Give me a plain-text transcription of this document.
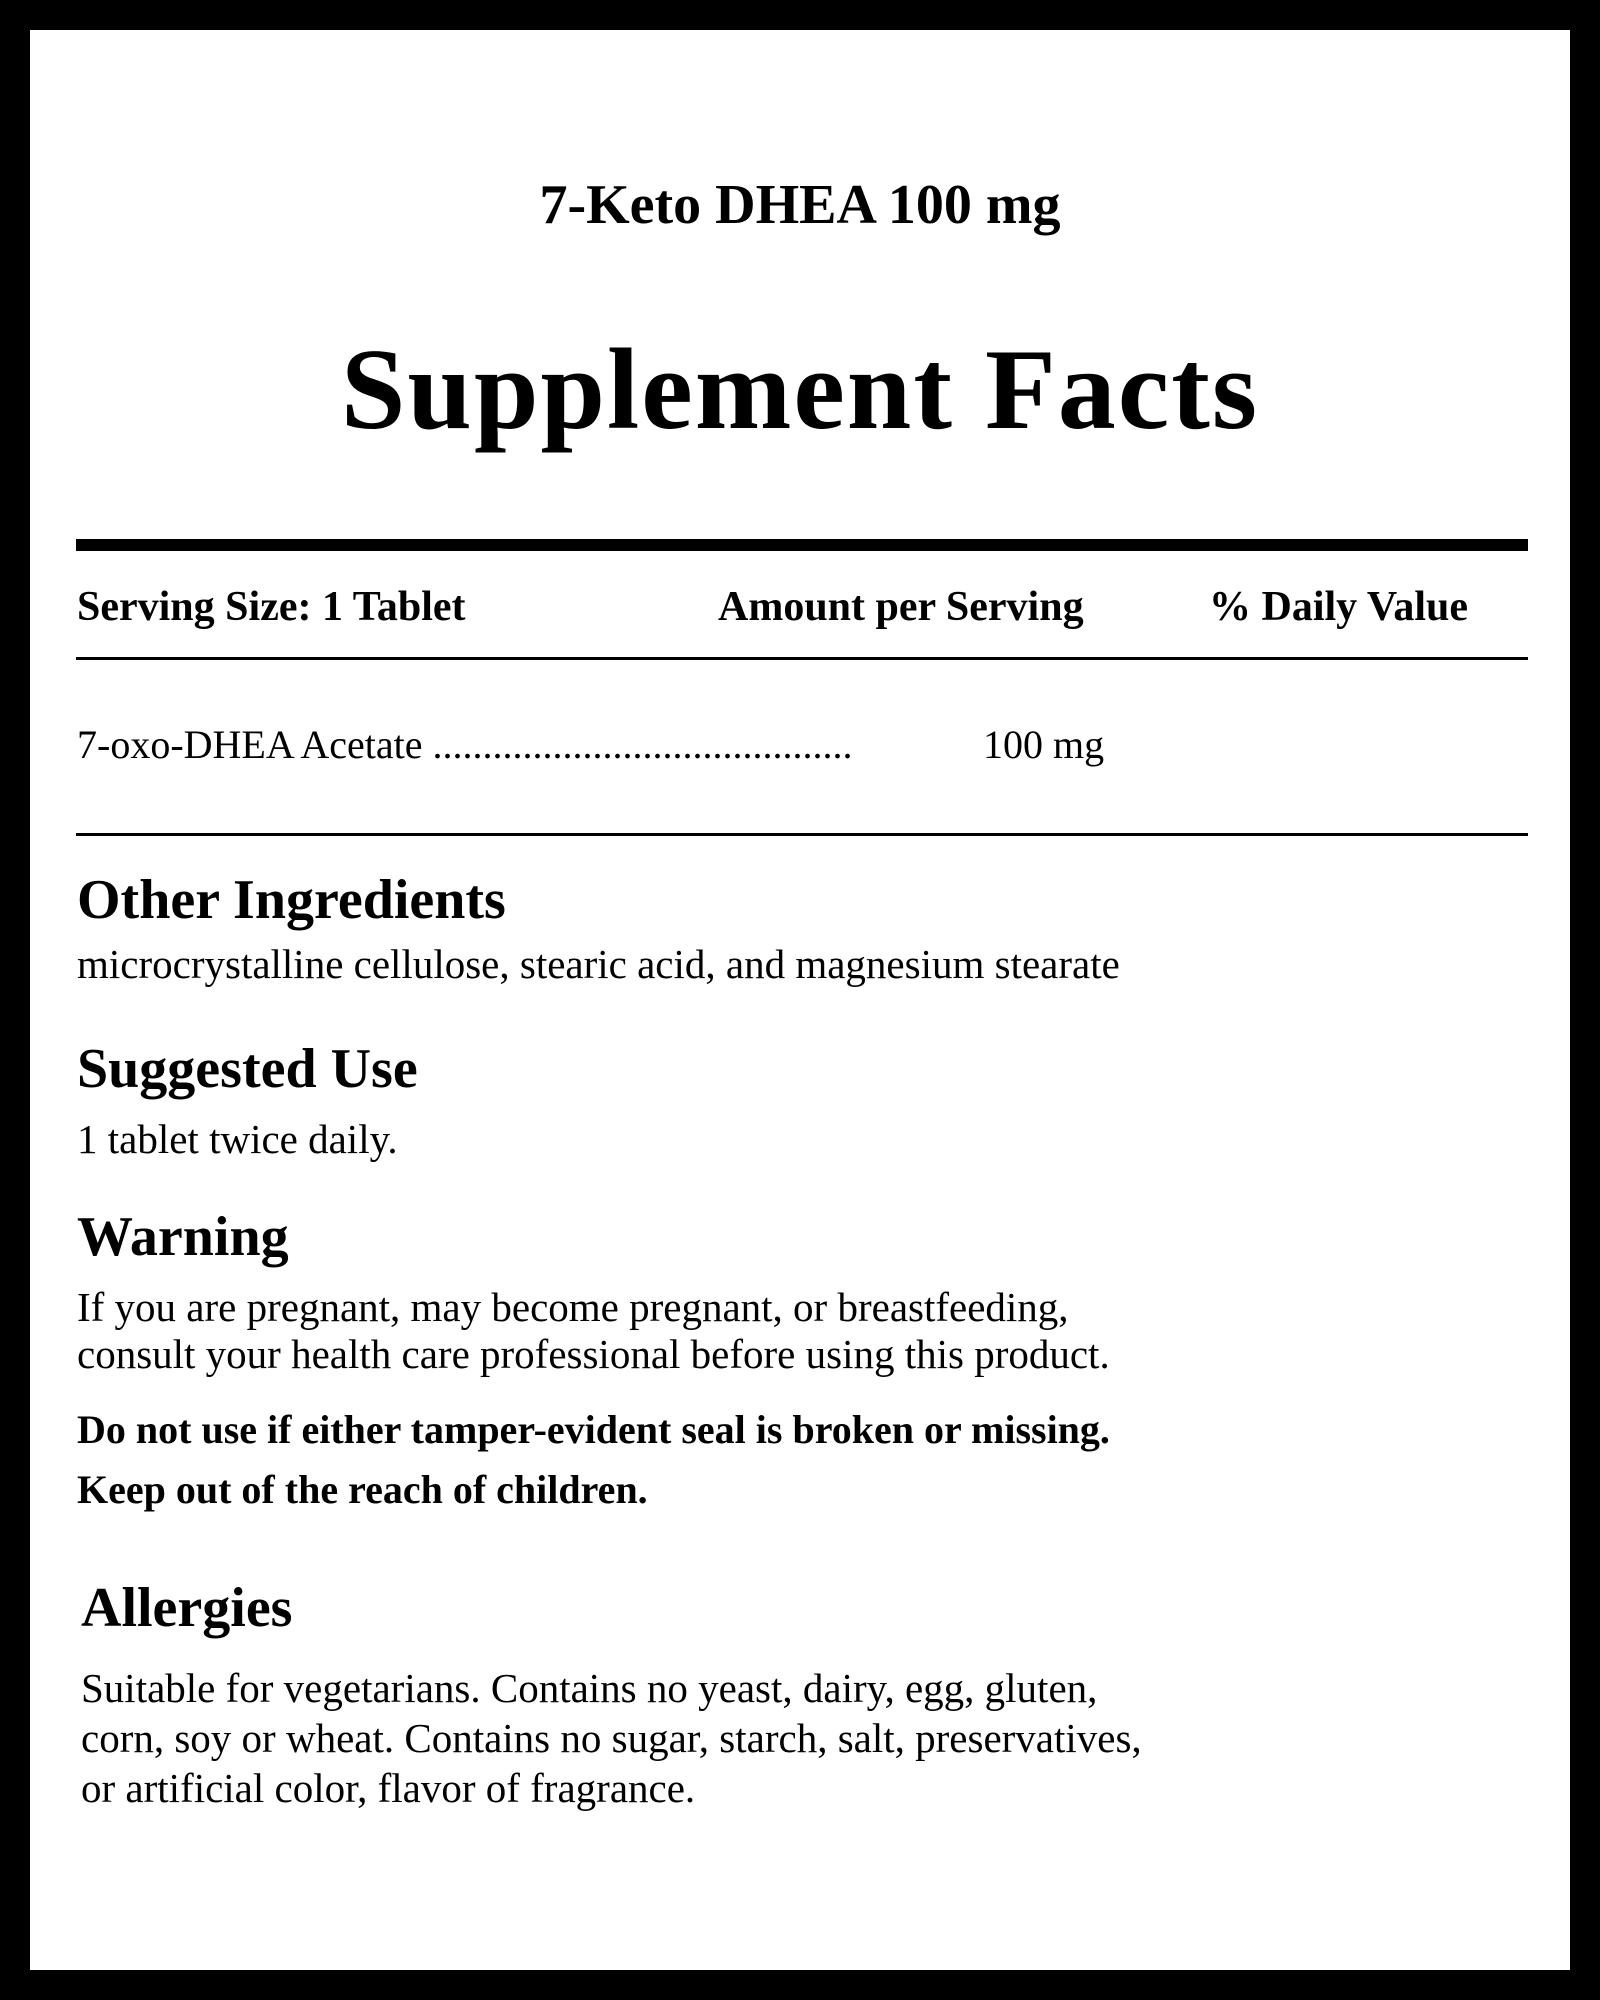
7-Keto DHEA 100 mg
Supplement Facts
Serving Size: 1 Tablet	Amount per Serving	% Daily Value
7-oxo-DHEA Acetate ..........................................	100 mg
Other Ingredients
microcrystalline cellulose, stearic acid, and magnesium stearate
Suggested Use
1 tablet twice daily.
Warning
If you are pregnant, may become pregnant, or breastfeeding,
consult your health care professional before using this product.
Do not use if either tamper-evident seal is broken or missing.
Keep out of the reach of children.
Allergies
Suitable for vegetarians. Contains no yeast, dairy, egg, gluten,
corn, soy or wheat. Contains no sugar, starch, salt, preservatives,
or artificial color, flavor of fragrance.
